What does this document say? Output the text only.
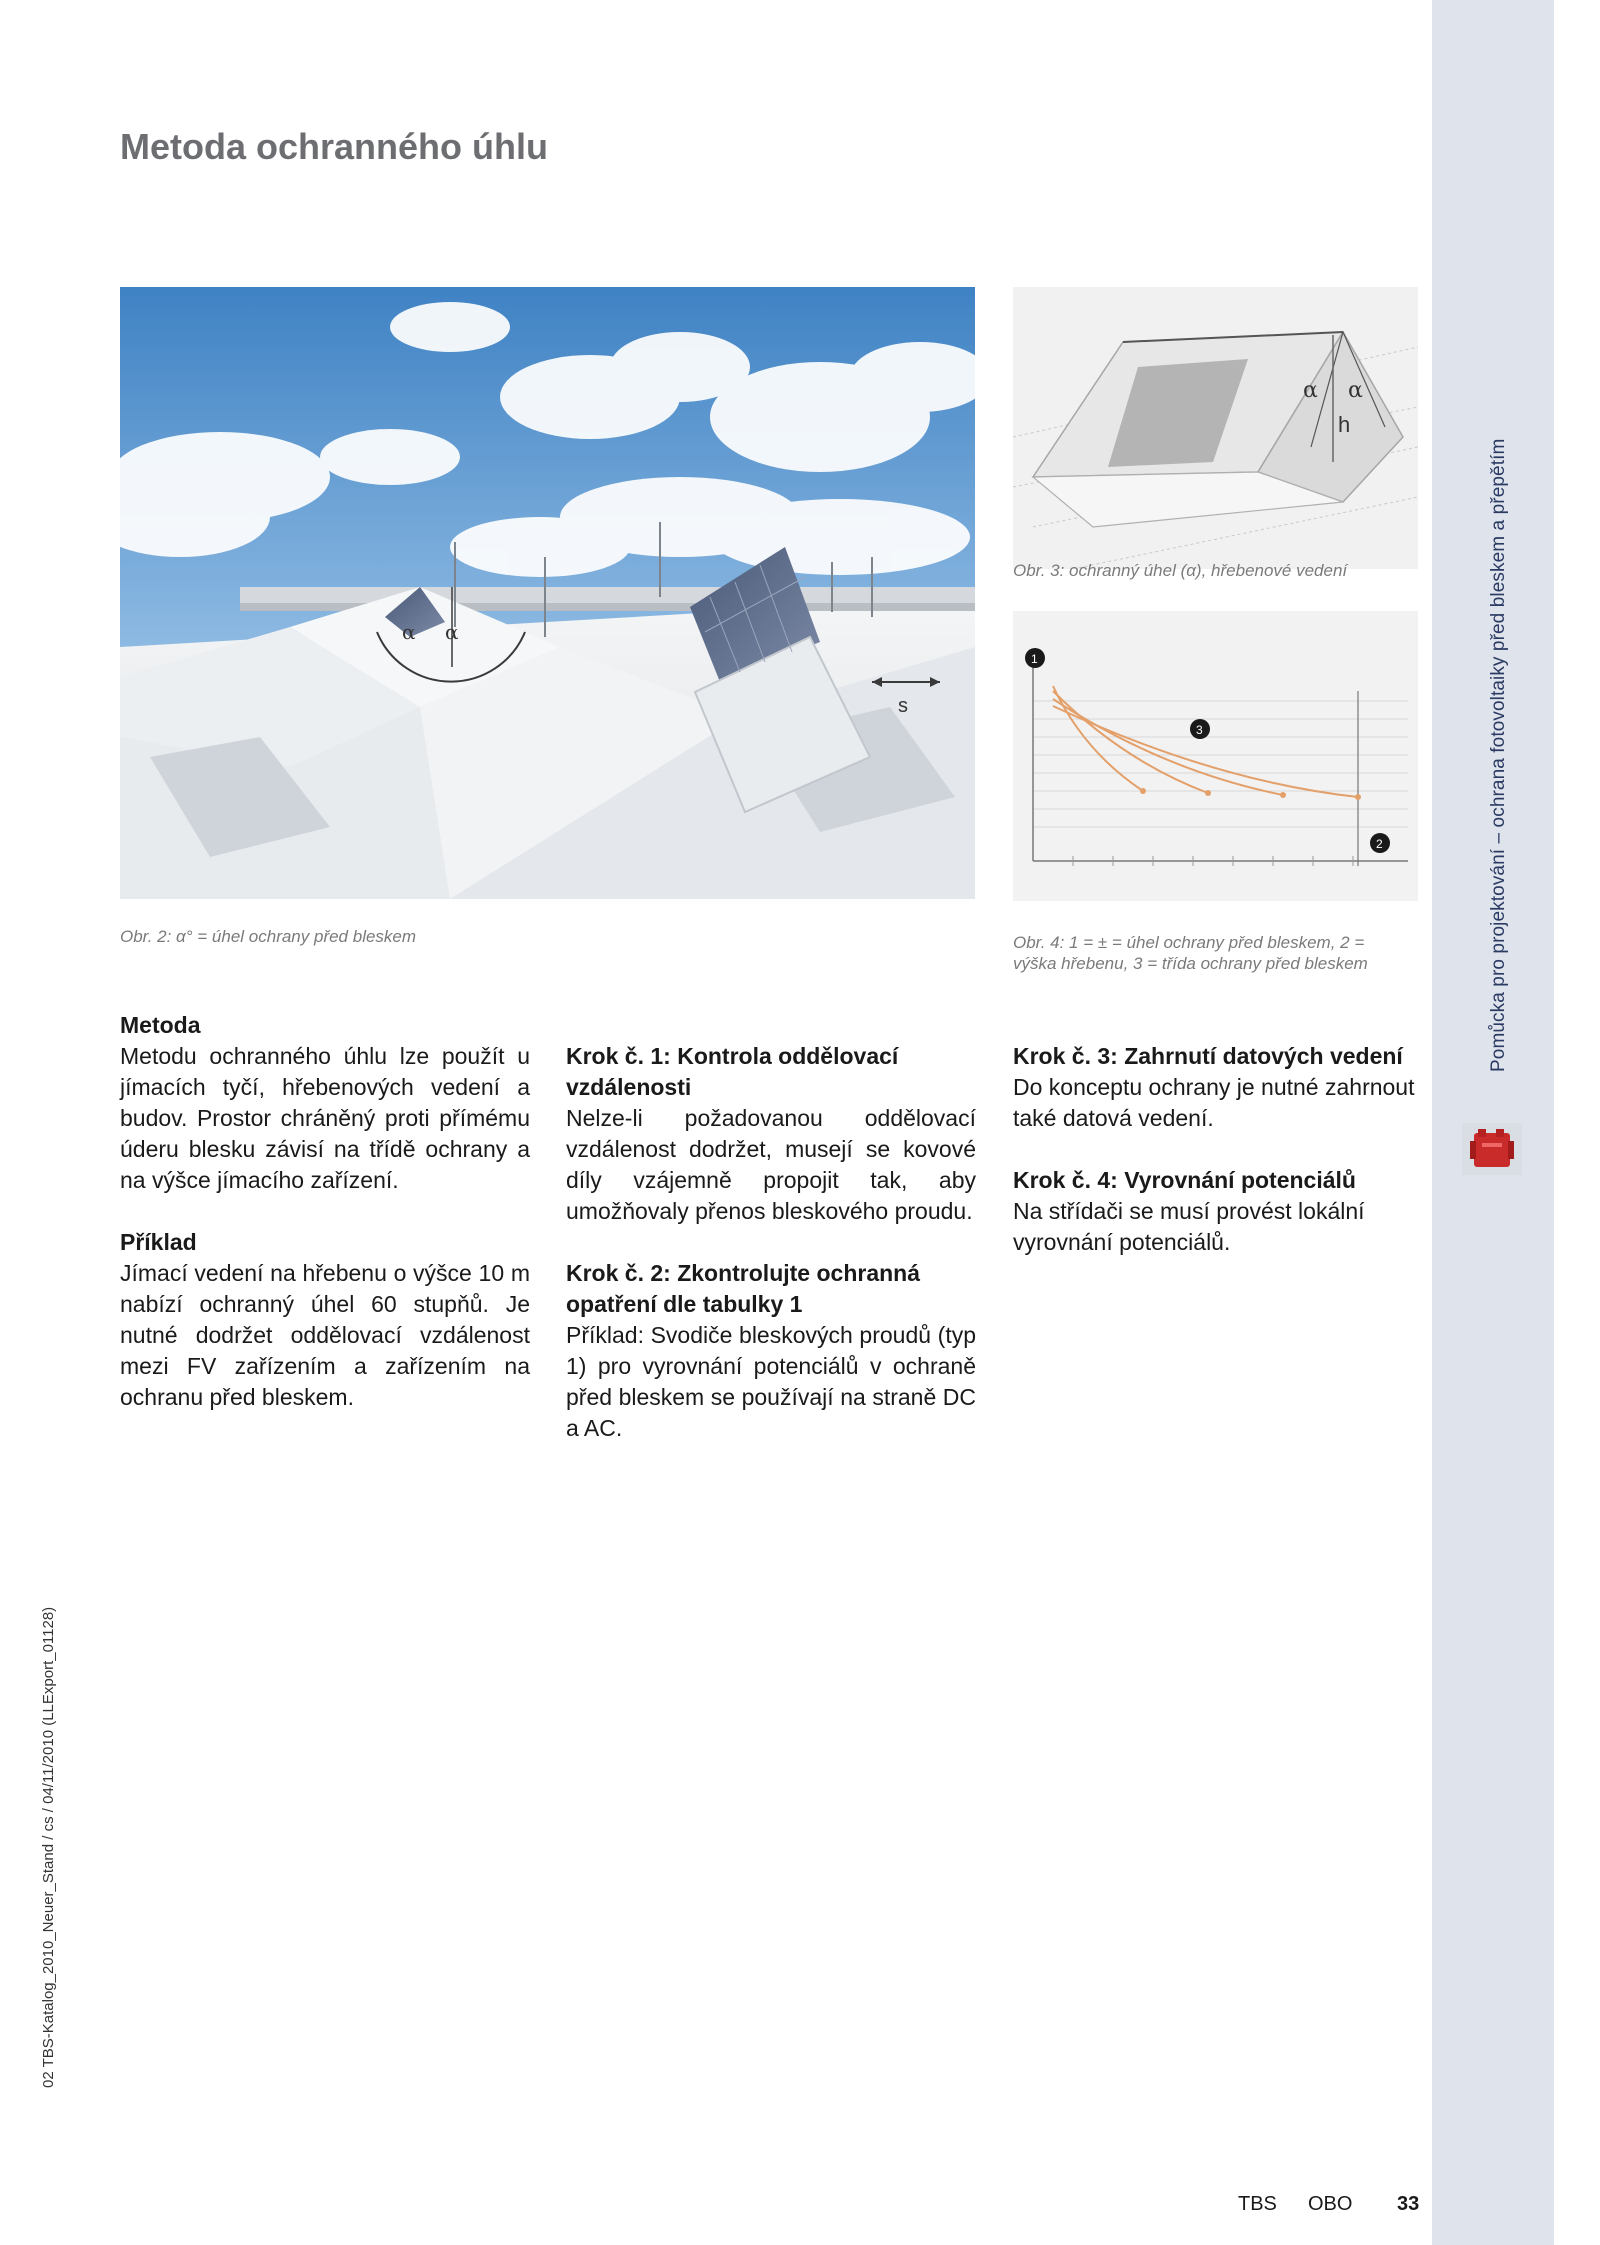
Pomůcka pro projektování – ochrana fotovoltaiky před bleskem a přepětím
02 TBS-Katalog_2010_Neuer_Stand / cs / 04/11/2010 (LLExport_01128)
Metoda ochranného úhlu
α α
s
Obr. 2: α° = úhel ochrany před bleskem
α α
h
Obr. 3: ochranný úhel (α), hřebenové vedení
1
3
2
Obr. 4: 1 = ± = úhel ochrany před bleskem, 2 =
výška hřebenu, 3 = třída ochrany před bleskem
Metoda

Metodu ochranného úhlu lze použít u jímacích tyčí, hřebenových vedení a budov. Prostor chráněný proti přímému úderu blesku závisí na třídě ochrany a na výšce jímacího zařízení.

Příklad

Jímací vedení na hřebenu o výšce 10 m nabízí ochranný úhel 60 stupňů. Je nutné dodržet oddělovací vzdálenost mezi FV zařízením a zařízením na ochranu před bleskem.

Krok č. 1: Kontrola oddělovací vzdálenosti

Nelze-li požadovanou oddělovací vzdálenost dodržet, musejí se kovové díly vzájemně propojit tak, aby umožňovaly přenos bleskového proudu.

Krok č. 2: Zkontrolujte ochranná opatření dle tabulky 1

Příklad: Svodiče bleskových proudů (typ 1) pro vyrovnání potenciálů v ochraně před bleskem se používají na straně DC a AC.

Krok č. 3: Zahrnutí datových vedení

Do konceptu ochrany je nutné zahrnout také datová vedení.

Krok č. 4: Vyrovnání potenciálů

Na střídači se musí provést lokální vyrovnání potenciálů.

TBS OBO 33
